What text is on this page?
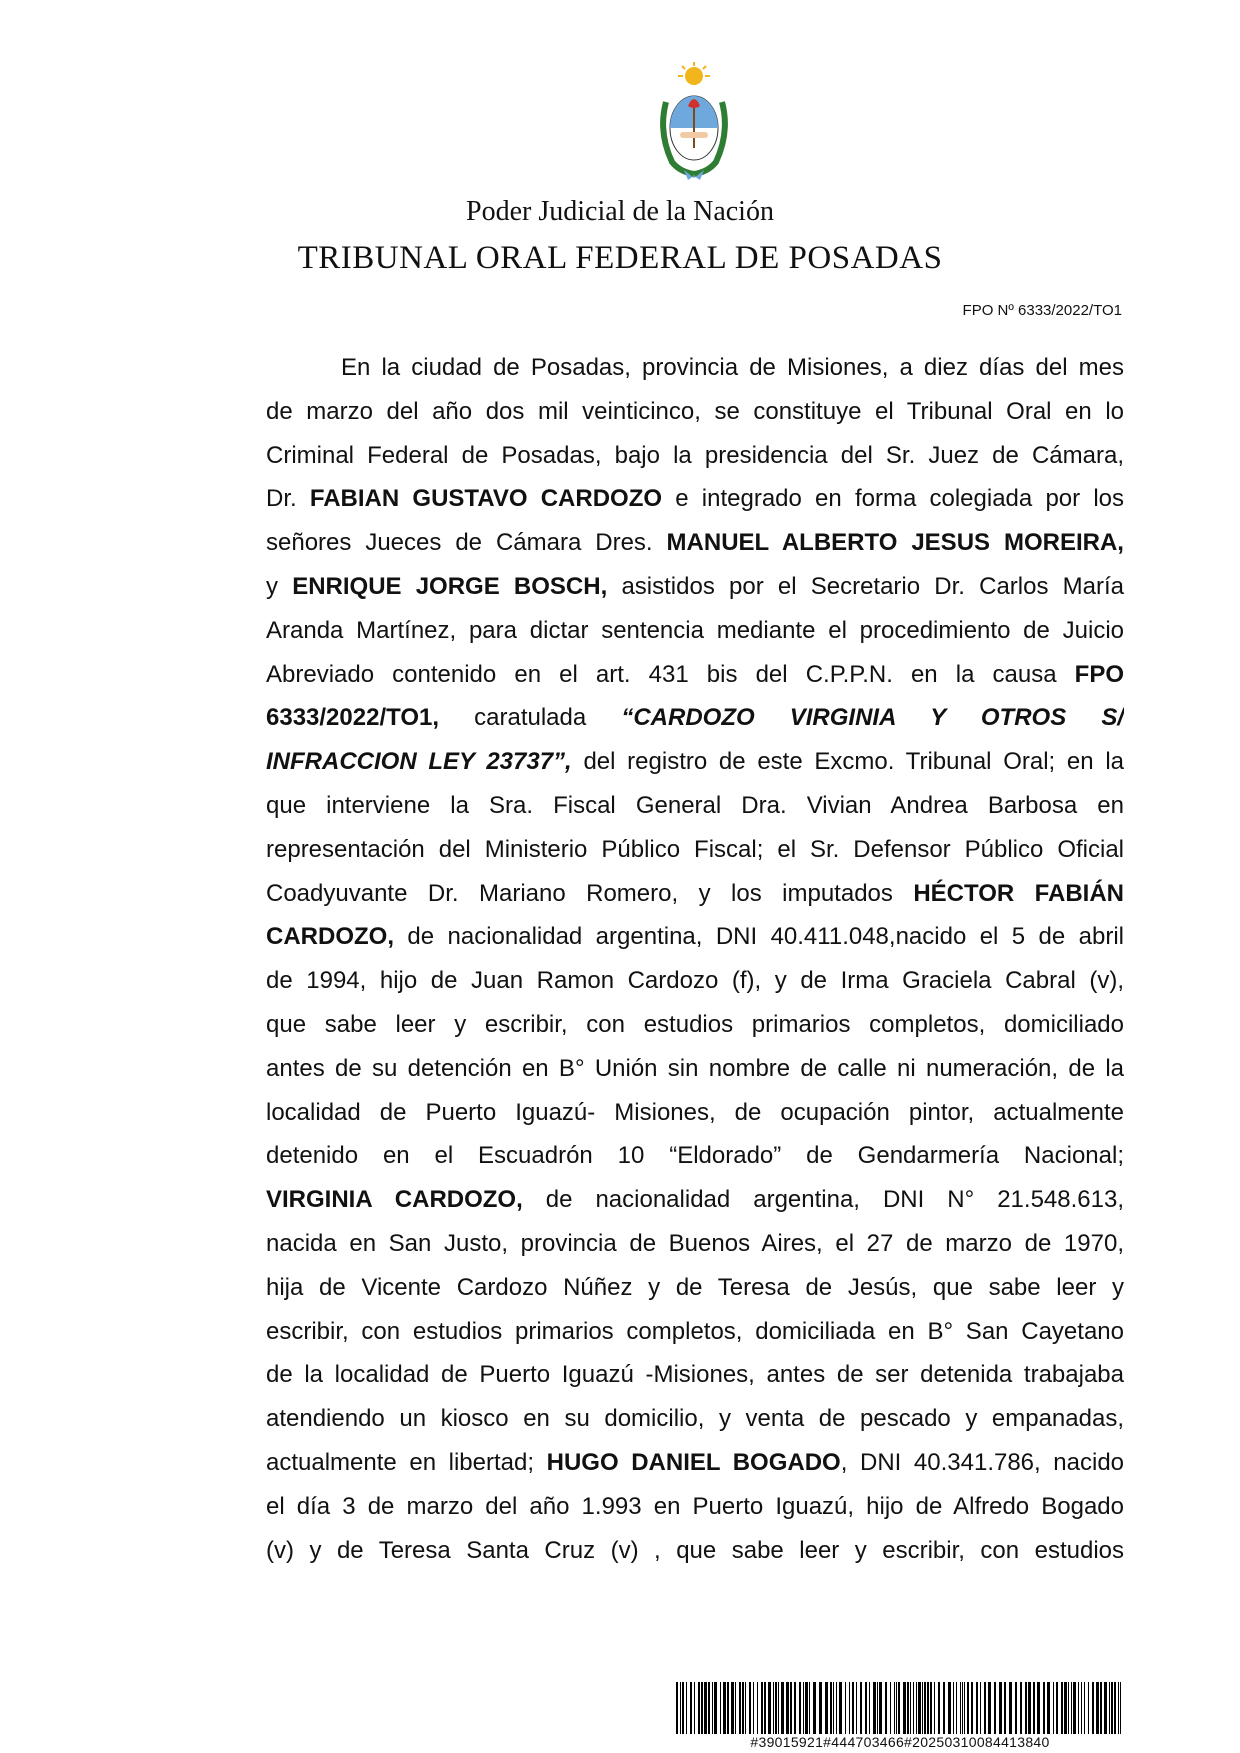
Poder Judicial de la Nación
TRIBUNAL ORAL FEDERAL DE POSADAS
FPO Nº 6333/2022/TO1
En la ciudad de Posadas, provincia de Misiones, a diez días del mes
de marzo del año dos mil veinticinco, se constituye el Tribunal Oral en lo
Criminal Federal de Posadas, bajo la presidencia del Sr. Juez de Cámara,
Dr. FABIAN GUSTAVO CARDOZO e integrado en forma colegiada por los
señores Jueces de Cámara Dres. MANUEL ALBERTO JESUS MOREIRA,
y ENRIQUE JORGE BOSCH, asistidos por el Secretario Dr. Carlos María
Aranda Martínez, para dictar sentencia mediante el procedimiento de Juicio
Abreviado contenido en el art. 431 bis del C.P.P.N. en la causa FPO
6333/2022/TO1, caratulada “CARDOZO VIRGINIA Y OTROS S/
INFRACCION LEY 23737”, del registro de este Excmo. Tribunal Oral; en la
que interviene la Sra. Fiscal General Dra. Vivian Andrea Barbosa en
representación del Ministerio Público Fiscal; el Sr. Defensor Público Oficial
Coadyuvante Dr. Mariano Romero, y los imputados HÉCTOR FABIÁN
CARDOZO, de nacionalidad argentina, DNI 40.411.048,nacido el 5 de abril
de 1994, hijo de Juan Ramon Cardozo (f), y de Irma Graciela Cabral (v),
que sabe leer y escribir, con estudios primarios completos, domiciliado
antes de su detención en B° Unión sin nombre de calle ni numeración, de la
localidad de Puerto Iguazú- Misiones, de ocupación pintor, actualmente
detenido en el Escuadrón 10 “Eldorado” de Gendarmería Nacional;
VIRGINIA CARDOZO, de nacionalidad argentina, DNI N° 21.548.613,
nacida en San Justo, provincia de Buenos Aires, el 27 de marzo de 1970,
hija de Vicente Cardozo Núñez y de Teresa de Jesús, que sabe leer y
escribir, con estudios primarios completos, domiciliada en B° San Cayetano
de la localidad de Puerto Iguazú -Misiones, antes de ser detenida trabajaba
atendiendo un kiosco en su domicilio, y venta de pescado y empanadas,
actualmente en libertad; HUGO DANIEL BOGADO, DNI 40.341.786, nacido
el día 3 de marzo del año 1.993 en Puerto Iguazú, hijo de Alfredo Bogado
(v) y de Teresa Santa Cruz (v) , que sabe leer y escribir, con estudios
#39015921#444703466#20250310084413840
